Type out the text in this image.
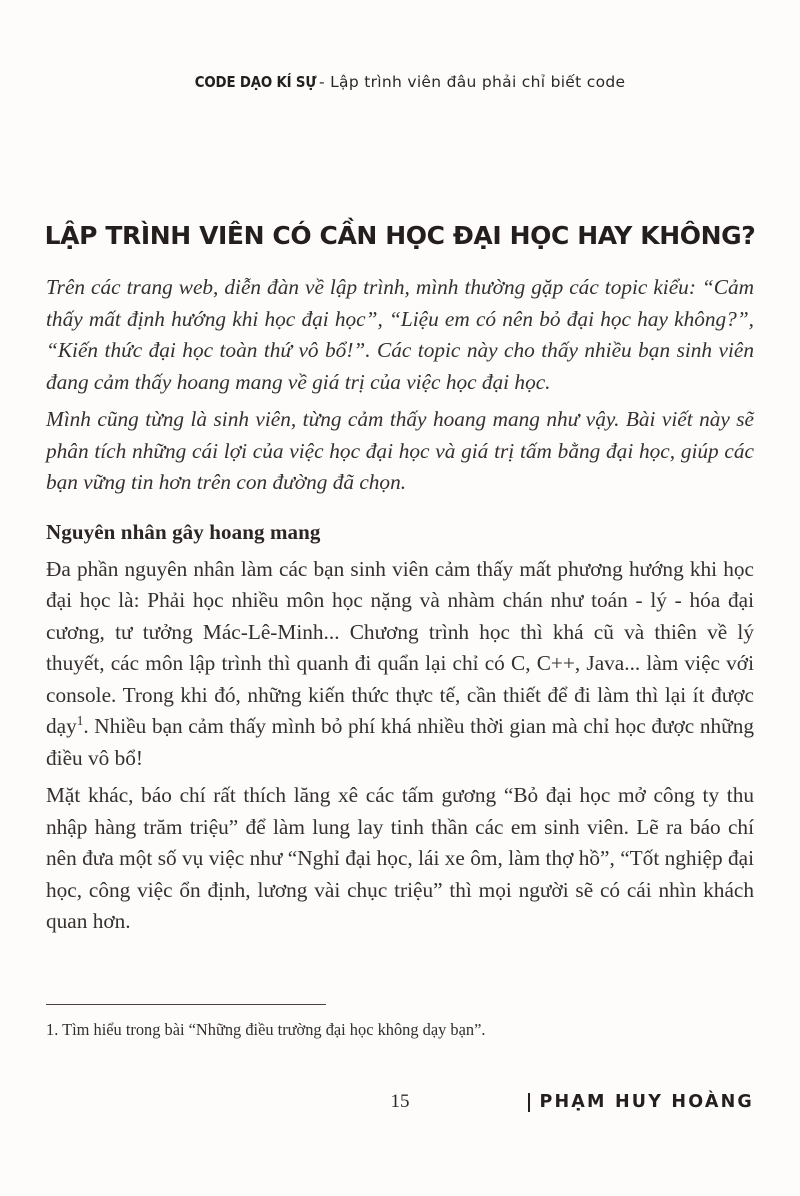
CODE DẠO KÍ SỰ - Lập trình viên đâu phải chỉ biết code
LẬP TRÌNH VIÊN CÓ CẦN HỌC ĐẠI HỌC HAY KHÔNG?

Trên các trang web, diễn đàn về lập trình, mình thường gặp các topic kiểu: “Cảm thấy mất định hướng khi học đại học”, “Liệu em có nên bỏ đại học hay không?”, “Kiến thức đại học toàn thứ vô bổ!”. Các topic này cho thấy nhiều bạn sinh viên đang cảm thấy hoang mang về giá trị của việc học đại học.

Mình cũng từng là sinh viên, từng cảm thấy hoang mang như vậy. Bài viết này sẽ phân tích những cái lợi của việc học đại học và giá trị tấm bằng đại học, giúp các bạn vững tin hơn trên con đường đã chọn.

Nguyên nhân gây hoang mang

Đa phần nguyên nhân làm các bạn sinh viên cảm thấy mất phương hướng khi học đại học là: Phải học nhiều môn học nặng và nhàm chán như toán - lý - hóa đại cương, tư tưởng Mác-Lê-Minh... Chương trình học thì khá cũ và thiên về lý thuyết, các môn lập trình thì quanh đi quẩn lại chỉ có C, C++, Java... làm việc với console. Trong khi đó, những kiến thức thực tế, cần thiết để đi làm thì lại ít được dạy$^1$. Nhiều bạn cảm thấy mình bỏ phí khá nhiều thời gian mà chỉ học được những điều vô bổ!

Mặt khác, báo chí rất thích lăng xê các tấm gương “Bỏ đại học mở công ty thu nhập hàng trăm triệu” để làm lung lay tinh thần các em sinh viên. Lẽ ra báo chí nên đưa một số vụ việc như “Nghỉ đại học, lái xe ôm, làm thợ hồ”, “Tốt nghiệp đại học, công việc ổn định, lương vài chục triệu” thì mọi người sẽ có cái nhìn khách quan hơn.

1. Tìm hiểu trong bài “Những điều trường đại học không dạy bạn”.
15	PHẠM HUY HOÀNG
